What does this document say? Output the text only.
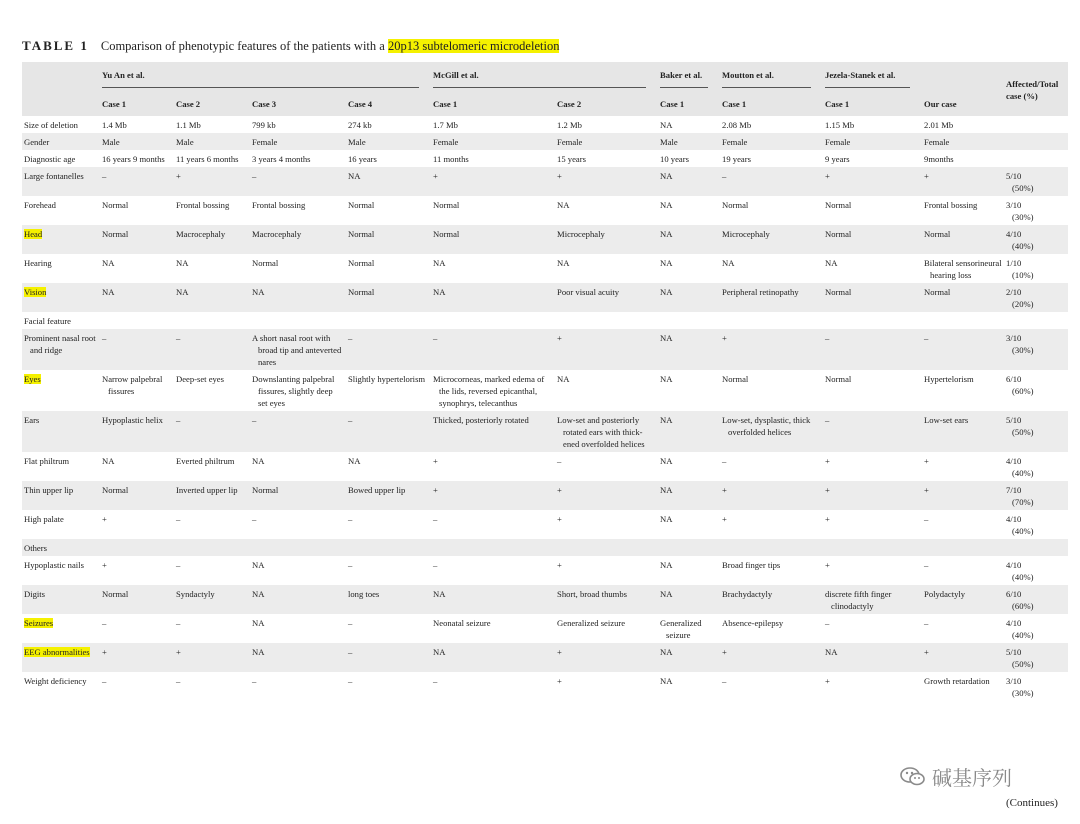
TABLE 1 Comparison of phenotypic features of the patients with a 20p13 subtelomeric microdeletion

	Yu An et al.				McGill et al.		Baker et al.	Moutton et al.	Jezela-Stanek et al.		Affected/Total case (%)
	Case 1	Case 2	Case 3	Case 4	Case 1	Case 2	Case 1	Case 1	Case 1	Our case	

Size of deletion	1.4 Mb	1.1 Mb	799 kb	274 kb	1.7 Mb	1.2 Mb	NA	2.08 Mb	1.15 Mb	2.01 Mb	

Gender	Male	Male	Female	Male	Female	Female	Male	Female	Female	Female	

Diagnostic age	16 years 9 months	11 years 6 months	3 years 4 months	16 years	11 months	15 years	10 years	19 years	9 years	9months	

Large fontanelles	–	+	–	NA	+	+	NA	–	+	+	5/10
(50%)

Forehead	Normal	Frontal bossing	Frontal bossing	Normal	Normal	NA	NA	Normal	Normal	Frontal bossing	3/10
(30%)

Head	Normal	Macrocephaly	Macrocephaly	Normal	Normal	Microcephaly	NA	Microcephaly	Normal	Normal	4/10
(40%)

Hearing	NA	NA	Normal	Normal	NA	NA	NA	NA	NA	Bilateral sensorineural hearing loss	1/10
(10%)

Vision	NA	NA	NA	Normal	NA	Poor visual acuity	NA	Peripheral retinopathy	Normal	Normal	2/10
(20%)

Facial feature											

Prominent nasal root and ridge	–	–	A short nasal root with broad tip and anteverted nares	–	–	+	NA	+	–	–	3/10
(30%)

Eyes	Narrow palpebral fissures	Deep-set eyes	Downslanting palpebral fissures, slightly deep set eyes	Slightly hypertelorism	Microcorneas, marked edema of the lids, reversed epicanthal, synophrys, telecanthus	NA	NA	Normal	Normal	Hypertelorism	6/10
(60%)

Ears	Hypoplastic helix	–	–	–	Thicked, posteriorly rotated	Low-set and posteriorly rotated ears with thick-ened overfolded helices	NA	Low-set, dysplastic, thick overfolded helices	–	Low-set ears	5/10
(50%)

Flat philtrum	NA	Everted philtrum	NA	NA	+	–	NA	–	+	+	4/10
(40%)

Thin upper lip	Normal	Inverted upper lip	Normal	Bowed upper lip	+	+	NA	+	+	+	7/10
(70%)

High palate	+	–	–	–	–	+	NA	+	+	–	4/10
(40%)

Others											

Hypoplastic nails	+	–	NA	–	–	+	NA	Broad finger tips	+	–	4/10
(40%)

Digits	Normal	Syndactyly	NA	long toes	NA	Short, broad thumbs	NA	Brachydactyly	discrete fifth finger clinodactyly	Polydactyly	6/10
(60%)

Seizures	–	–	NA	–	Neonatal seizure	Generalized seizure	Generalized seizure	Absence-epilepsy	–	–	4/10
(40%)

EEG abnormalities	+	+	NA	–	NA	+	NA	+	NA	+	5/10
(50%)

Weight deficiency	–	–	–	–	–	+	NA	–	+	Growth retardation	3/10
(30%)
碱基序列
(Continues)
